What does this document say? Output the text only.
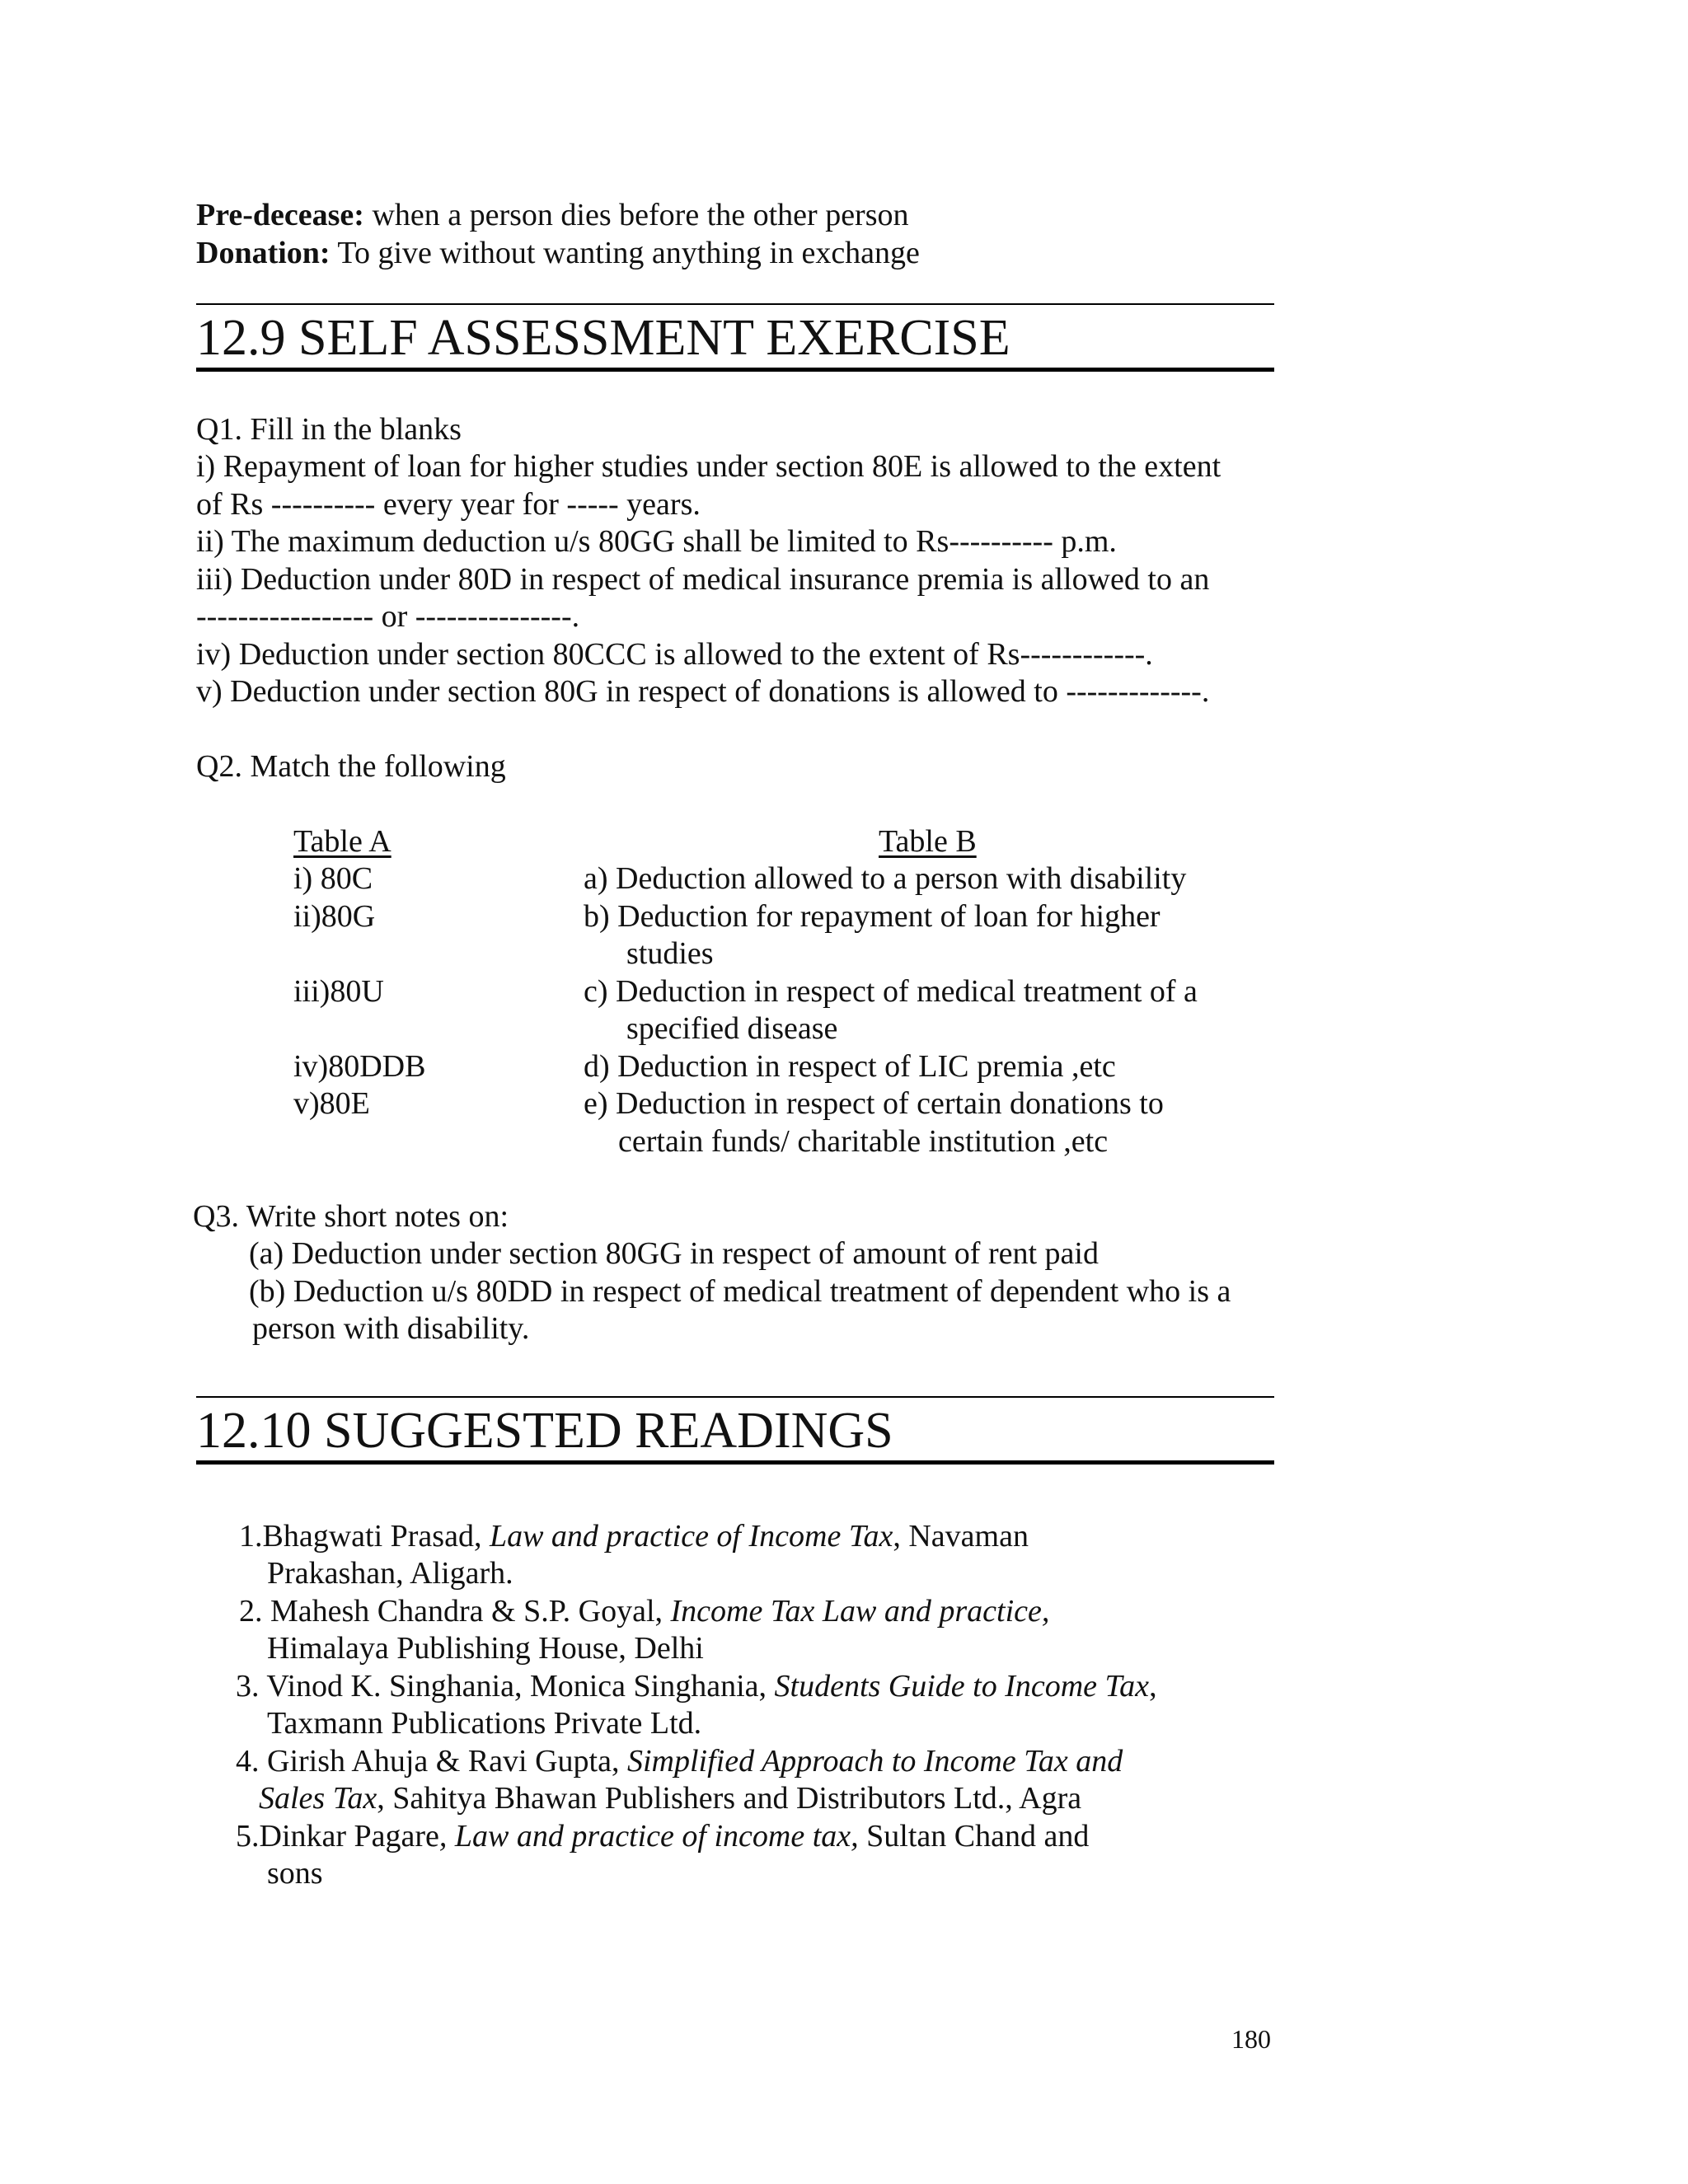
Pre-decease: when a person dies before the other person
Donation: To give without wanting anything in exchange
12.9 SELF ASSESSMENT EXERCISE
Q1. Fill in the blanks
i) Repayment of loan for higher studies under section 80E is allowed to the extent
of Rs ---------- every year for ----- years.
ii) The maximum deduction u/s 80GG shall be limited to Rs---------- p.m.
iii) Deduction under 80D in respect of medical insurance premia is allowed to an
----------------- or ---------------.
iv) Deduction under section 80CCC is allowed to the extent of Rs------------.
v) Deduction under section 80G in respect of donations is allowed to -------------.
Q2. Match the following
Table A	Table B
i) 80C
ii)80G
iii)80U
iv)80DDB
v)80E
a) Deduction allowed to a person with disability
b) Deduction for repayment of loan for higher
studies
c) Deduction in respect of medical treatment of a
specified disease
d) Deduction in respect of LIC premia ,etc
e) Deduction in respect of certain donations to
certain funds/ charitable institution ,etc
Q3. Write short notes on:
(a) Deduction under section 80GG in respect of amount of rent paid
(b) Deduction u/s 80DD in respect of medical treatment of dependent who is a
person with disability.
12.10 SUGGESTED READINGS
1.Bhagwati Prasad, Law and practice of Income Tax, Navaman
Prakashan, Aligarh.
2. Mahesh Chandra & S.P. Goyal, Income Tax Law and practice,
Himalaya Publishing House, Delhi
3. Vinod K. Singhania, Monica Singhania, Students Guide to Income Tax,
Taxmann Publications Private Ltd.
4. Girish Ahuja & Ravi Gupta, Simplified Approach to Income Tax and
Sales Tax, Sahitya Bhawan Publishers and Distributors Ltd., Agra
5.Dinkar Pagare, Law and practice of income tax, Sultan Chand and
sons
180
